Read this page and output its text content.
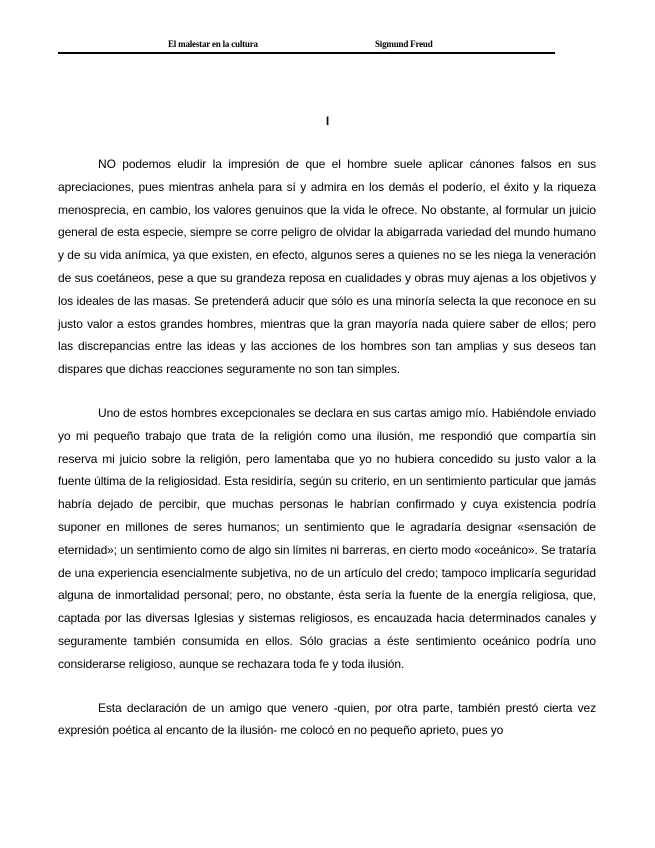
El malestar en la cultura	Sigmund Freud
I

NO podemos eludir la impresión de que el hombre suele aplicar cánones falsos en sus apreciaciones, pues mientras anhela para sí y admira en los demás el poderío, el éxito y la riqueza menosprecia, en cambio, los valores genuinos que la vida le ofrece. No obstante, al formular un juicio general de esta especie, siempre se corre peligro de olvidar la abigarrada variedad del mundo humano y de su vida anímica, ya que existen, en efecto, algunos seres a quienes no se les niega la veneración de sus coetáneos, pese a que su grandeza reposa en cualidades y obras muy ajenas a los objetivos y los ideales de las masas. Se pretenderá aducir que sólo es una minoría selecta la que reconoce en su justo valor a estos grandes hombres, mientras que la gran mayoría nada quiere saber de ellos; pero las discrepancias entre las ideas y las acciones de los hombres son tan amplias y sus deseos tan dispares que dichas reacciones seguramente no son tan simples.

Uno de estos hombres excepcionales se declara en sus cartas amigo mío. Habiéndole enviado yo mi pequeño trabajo que trata de la religión como una ilusión, me respondió que compartía sin reserva mi juicio sobre la religión, pero lamentaba que yo no hubiera concedido su justo valor a la fuente última de la religiosidad. Esta residiría, según su criterio, en un sentimiento particular que jamás habría dejado de percibir, que muchas personas le habrían confirmado y cuya existencia podría suponer en millones de seres humanos; un sentimiento que le agradaría designar «sensación de eternidad»; un sentimiento como de algo sin límites ni barreras, en cierto modo «oceánico». Se trataría de una experiencia esencialmente subjetiva, no de un artículo del credo; tampoco implicaría seguridad alguna de inmortalidad personal; pero, no obstante, ésta sería la fuente de la energía religiosa, que, captada por las diversas Iglesias y sistemas religiosos, es encauzada hacia determinados canales y seguramente también consumida en ellos. Sólo gracias a éste sentimiento oceánico podría uno considerarse religioso, aunque se rechazara toda fe y toda ilusión.

Esta declaración de un amigo que venero -quien, por otra parte, también prestó cierta vez expresión poética al encanto de la ilusión- me colocó en no pequeño aprieto, pues yo
